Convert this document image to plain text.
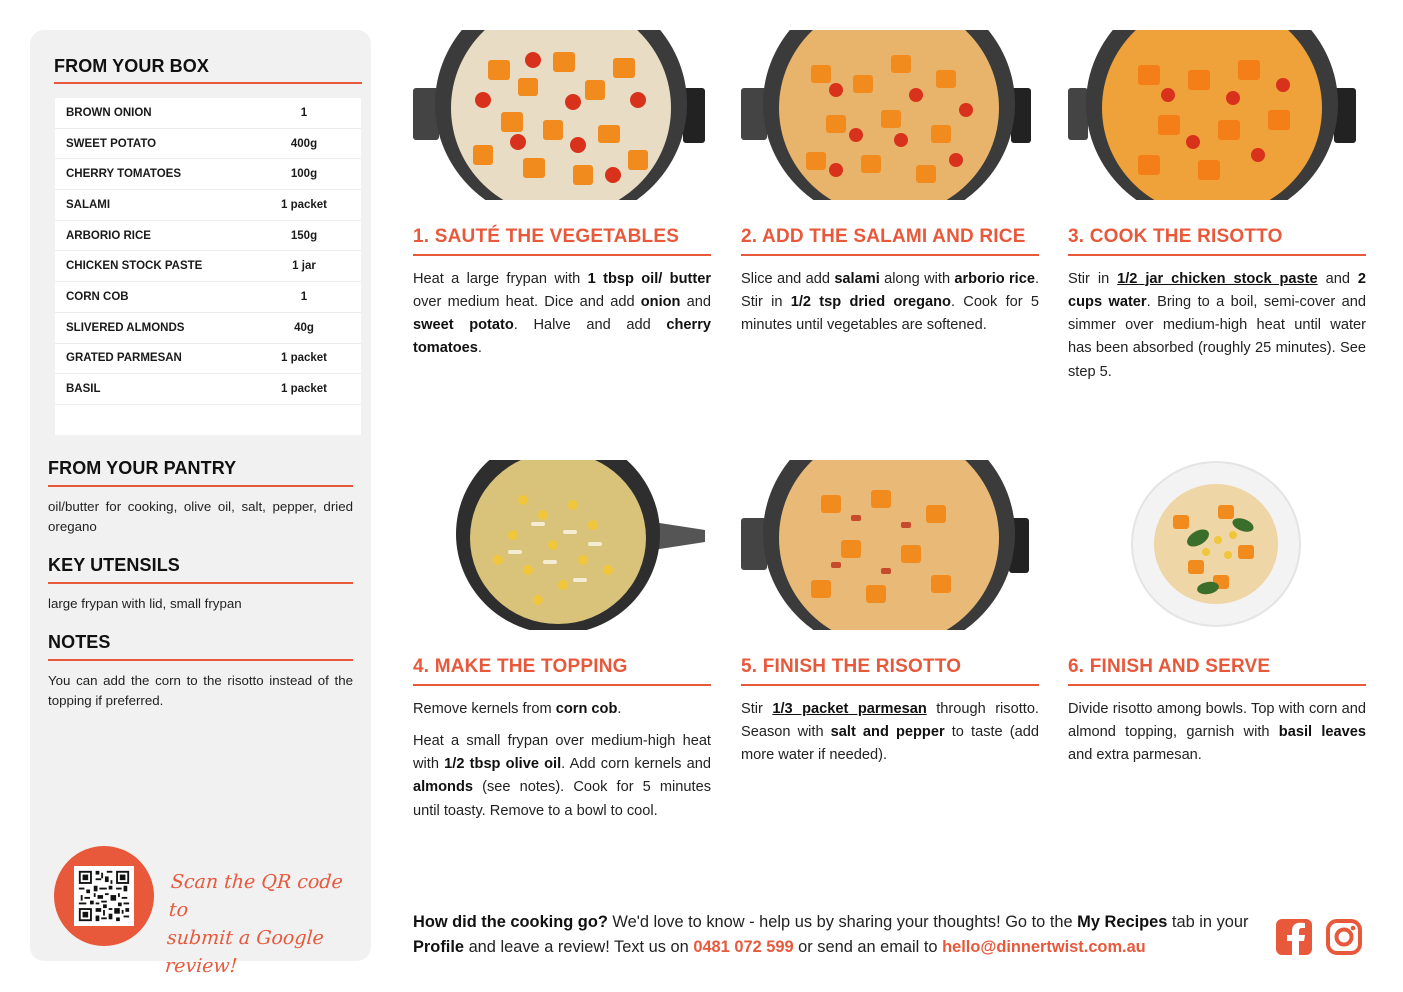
FROM YOUR BOX
BROWN ONION	1
SWEET POTATO	400g
CHERRY TOMATOES	100g
SALAMI	1 packet
ARBORIO RICE	150g
CHICKEN STOCK PASTE	1 jar
CORN COB	1
SLIVERED ALMONDS	40g
GRATED PARMESAN	1 packet
BASIL	1 packet
FROM YOUR PANTRY

oil/butter for cooking, olive oil, salt, pepper, dried oregano

KEY UTENSILS

large frypan with lid, small frypan

NOTES

You can add the corn to the risotto instead of the topping if preferred.

Scan the QR code to
submit a Google review!
1. SAUTÉ THE VEGETABLES

Heat a large frypan with 1 tbsp oil/ butter over medium heat. Dice and add onion and sweet potato. Halve and add cherry tomatoes.

2. ADD THE SALAMI AND RICE

Slice and add salami along with arborio rice. Stir in 1/2 tsp dried oregano. Cook for 5 minutes until vegetables are softened.

3. COOK THE RISOTTO

Stir in 1/2 jar chicken stock paste and 2 cups water. Bring to a boil, semi-cover and simmer over medium-high heat until water has been absorbed (roughly 25 minutes). See step 5.

4. MAKE THE TOPPING

Remove kernels from corn cob.

Heat a small frypan over medium-high heat with 1/2 tbsp olive oil. Add corn kernels and almonds (see notes). Cook for 5 minutes until toasty. Remove to a bowl to cool.

5. FINISH THE RISOTTO

Stir 1/3 packet parmesan through risotto. Season with salt and pepper to taste (add more water if needed).

6. FINISH AND SERVE

Divide risotto among bowls. Top with corn and almond topping, garnish with basil leaves and extra parmesan.

How did the cooking go? We'd love to know - help us by sharing your thoughts! Go to the My Recipes tab in your Profile and leave a review! Text us on 0481 072 599 or send an email to hello@dinnertwist.com.au
